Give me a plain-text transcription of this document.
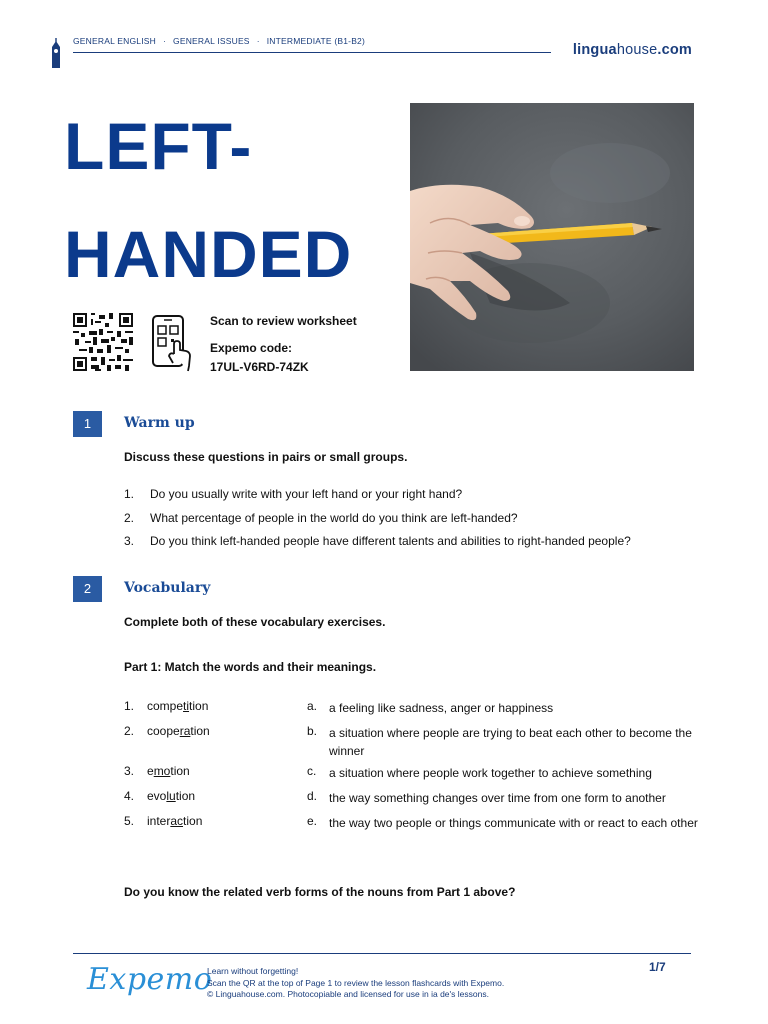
GENERAL ENGLISH · GENERAL ISSUES · INTERMEDIATE (B1-B2)
linguahouse.com
LEFT-
HANDED
Scan to review worksheet
Expemo code:
17UL-V6RD-74ZK
1	Warm up
Discuss these questions in pairs or small groups.
1.	Do you usually write with your left hand or your right hand?
2.	What percentage of people in the world do you think are left-handed?
3.	Do you think left-handed people have different talents and abilities to right-handed people?
2	Vocabulary
Complete both of these vocabulary exercises.
Part 1: Match the words and their meanings.
1. competition	a. a feeling like sadness, anger or happiness
2. cooperation	b. a situation where people are trying to beat each other to become the winner
3. emotion	c. a situation where people work together to achieve something
4. evolution	d. the way something changes over time from one form to another
5. interaction	e. the way two people or things communicate with or react to each other
Do you know the related verb forms of the nouns from Part 1 above?
Expemo
Learn without forgetting!
Scan the QR at the top of Page 1 to review the lesson flashcards with Expemo.
© Linguahouse.com. Photocopiable and licensed for use in ia de's lessons.
1/7
